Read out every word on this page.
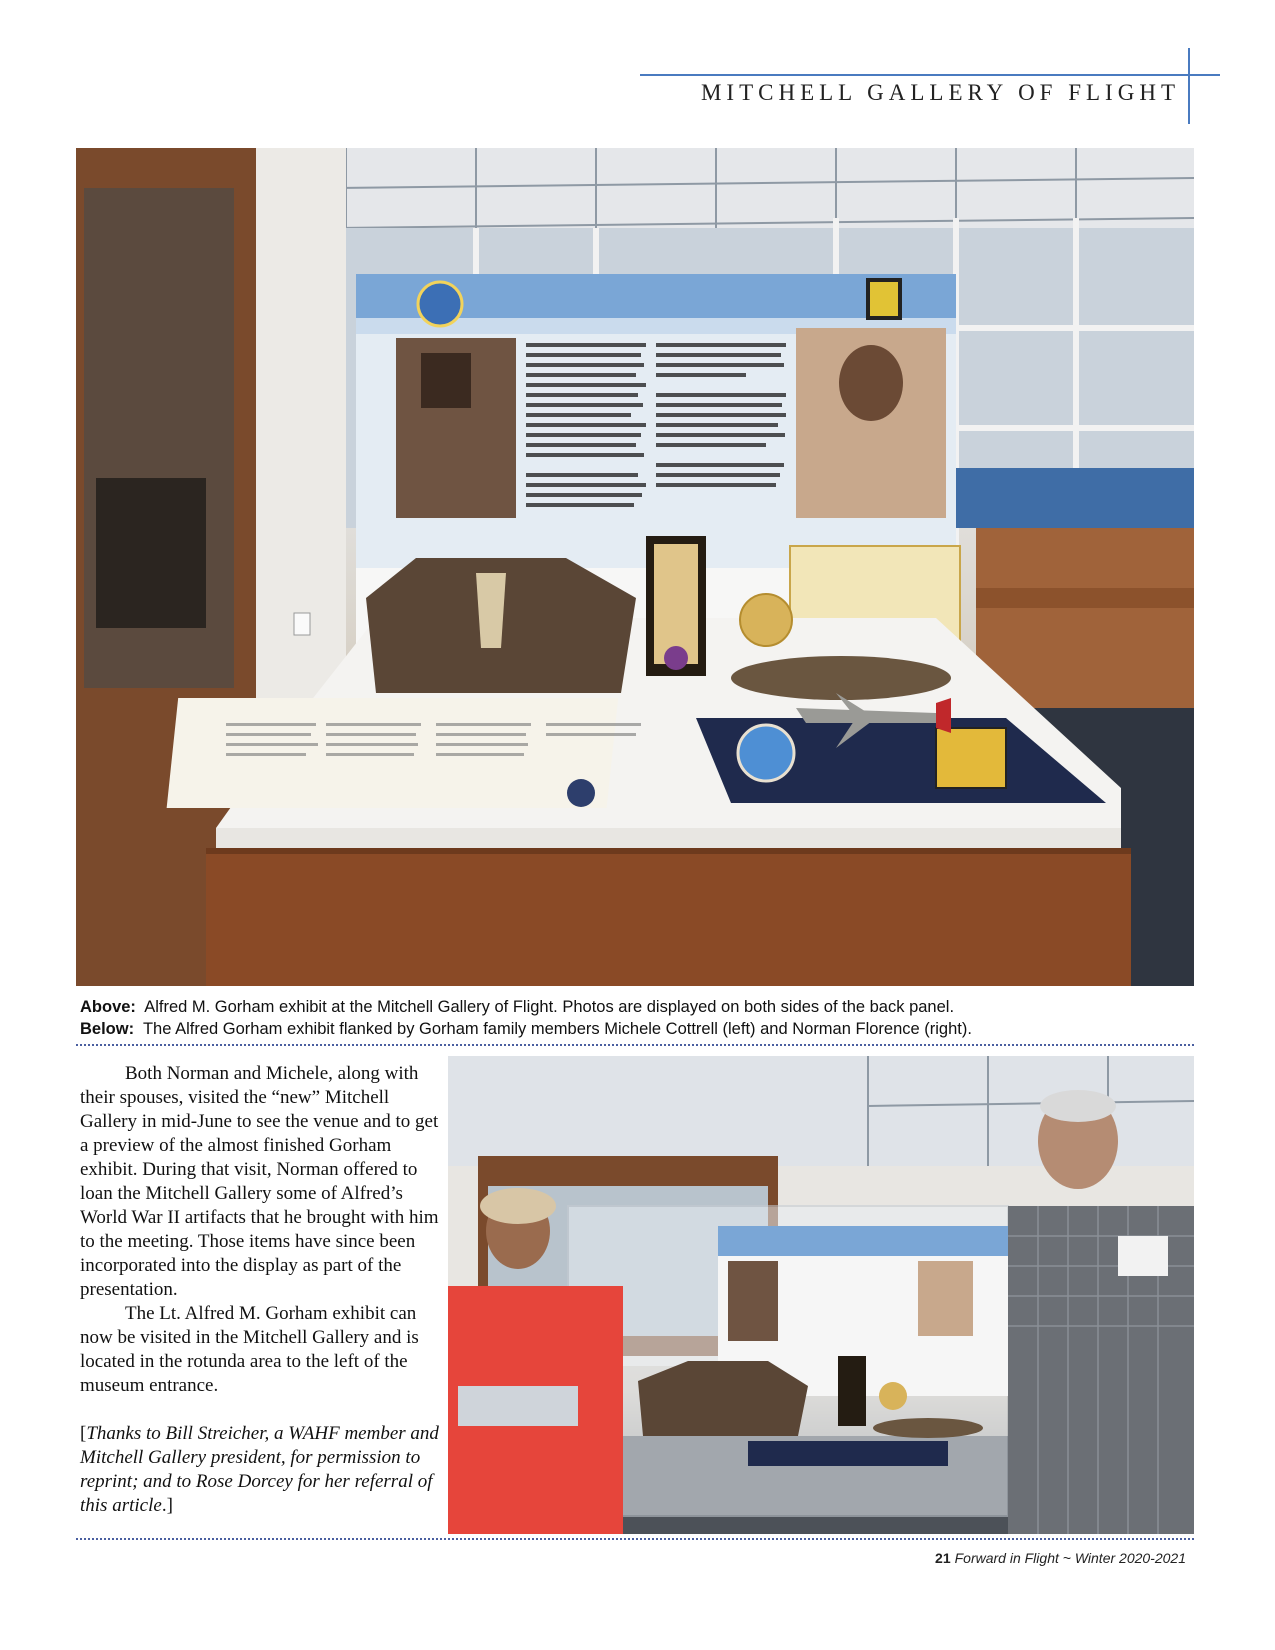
MITCHELL GALLERY OF FLIGHT
Above: Alfred M. Gorham exhibit at the Mitchell Gallery of Flight. Photos are displayed on both sides of the back panel.
Below: The Alfred Gorham exhibit flanked by Gorham family members Michele Cottrell (left) and Norman Florence (right).

Both Norman and Michele, along with their spouses, visited the “new” Mitchell Gallery in mid-June to see the venue and to get a preview of the almost finished Gorham exhibit. During that visit, Norman offered to loan the Mitchell Gallery some of Alfred’s World War II artifacts that he brought with him to the meeting. Those items have since been incorporated into the display as part of the presentation.

The Lt. Alfred M. Gorham exhibit can now be visited in the Mitchell Gallery and is located in the rotunda area to the left of the museum entrance.

[Thanks to Bill Streicher, a WAHF member and Mitchell Gallery president, for permission to reprint; and to Rose Dorcey for her referral of this article.]

21 Forward in Flight ~ Winter 2020-2021
